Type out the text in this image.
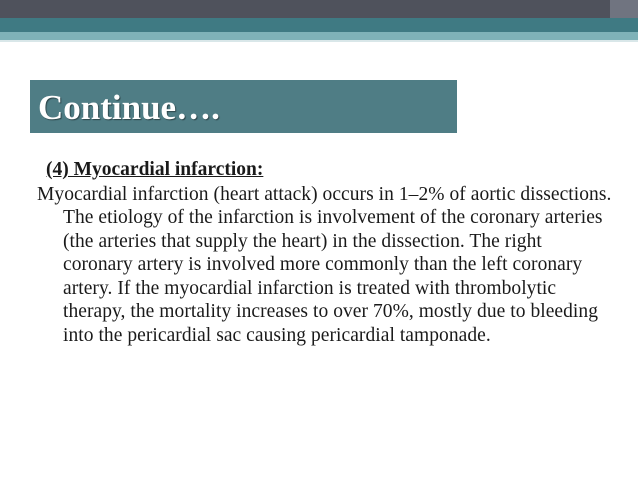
Continue….

(4) Myocardial infarction:

Myocardial infarction (heart attack) occurs in 1–2% of aortic dissections. The etiology of the infarction is involvement of the coronary arteries (the arteries that supply the heart) in the dissection. The right coronary artery is involved more commonly than the left coronary artery. If the myocardial infarction is treated with thrombolytic therapy, the mortality increases to over 70%, mostly due to bleeding into the pericardial sac causing pericardial tamponade.
